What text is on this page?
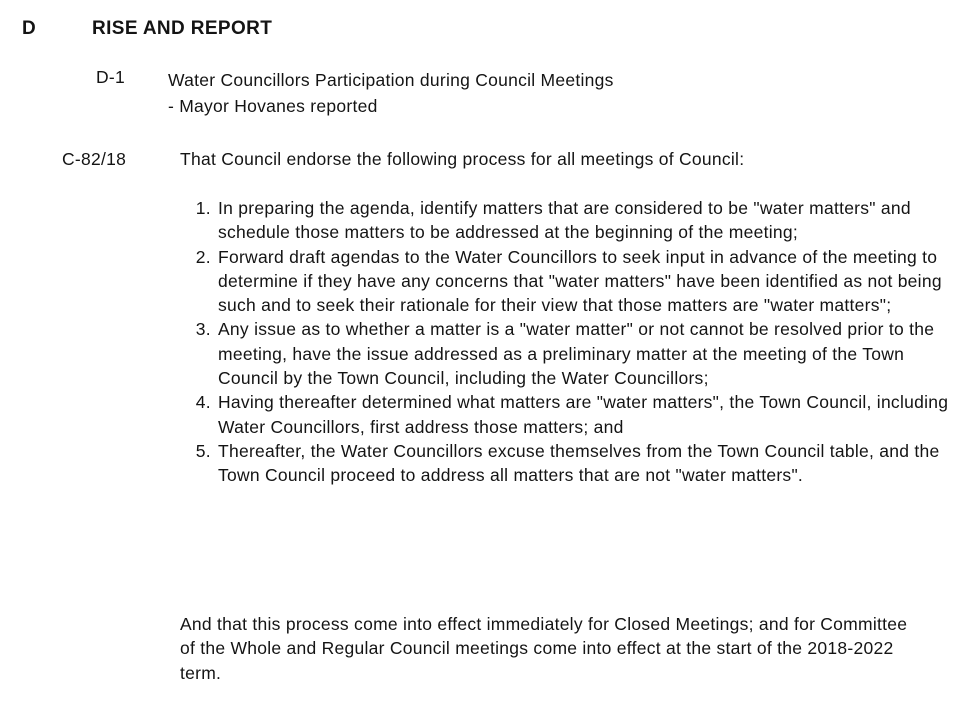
D	RISE AND REPORT
D-1 Water Councillors Participation during Council Meetings
- Mayor Hovanes reported
C-82/18	That Council endorse the following process for all meetings of Council:
1. In preparing the agenda, identify matters that are considered to be "water matters" and schedule those matters to be addressed at the beginning of the meeting;
2. Forward draft agendas to the Water Councillors to seek input in advance of the meeting to determine if they have any concerns that "water matters" have been identified as not being such and to seek their rationale for their view that those matters are "water matters";
3. Any issue as to whether a matter is a "water matter" or not cannot be resolved prior to the meeting, have the issue addressed as a preliminary matter at the meeting of the Town Council by the Town Council, including the Water Councillors;
4. Having thereafter determined what matters are "water matters", the Town Council, including Water Councillors, first address those matters; and
5. Thereafter, the Water Councillors excuse themselves from the Town Council table, and the Town Council proceed to address all matters that are not "water matters".
And that this process come into effect immediately for Closed Meetings; and for Committee of the Whole and Regular Council meetings come into effect at the start of the 2018-2022 term.
